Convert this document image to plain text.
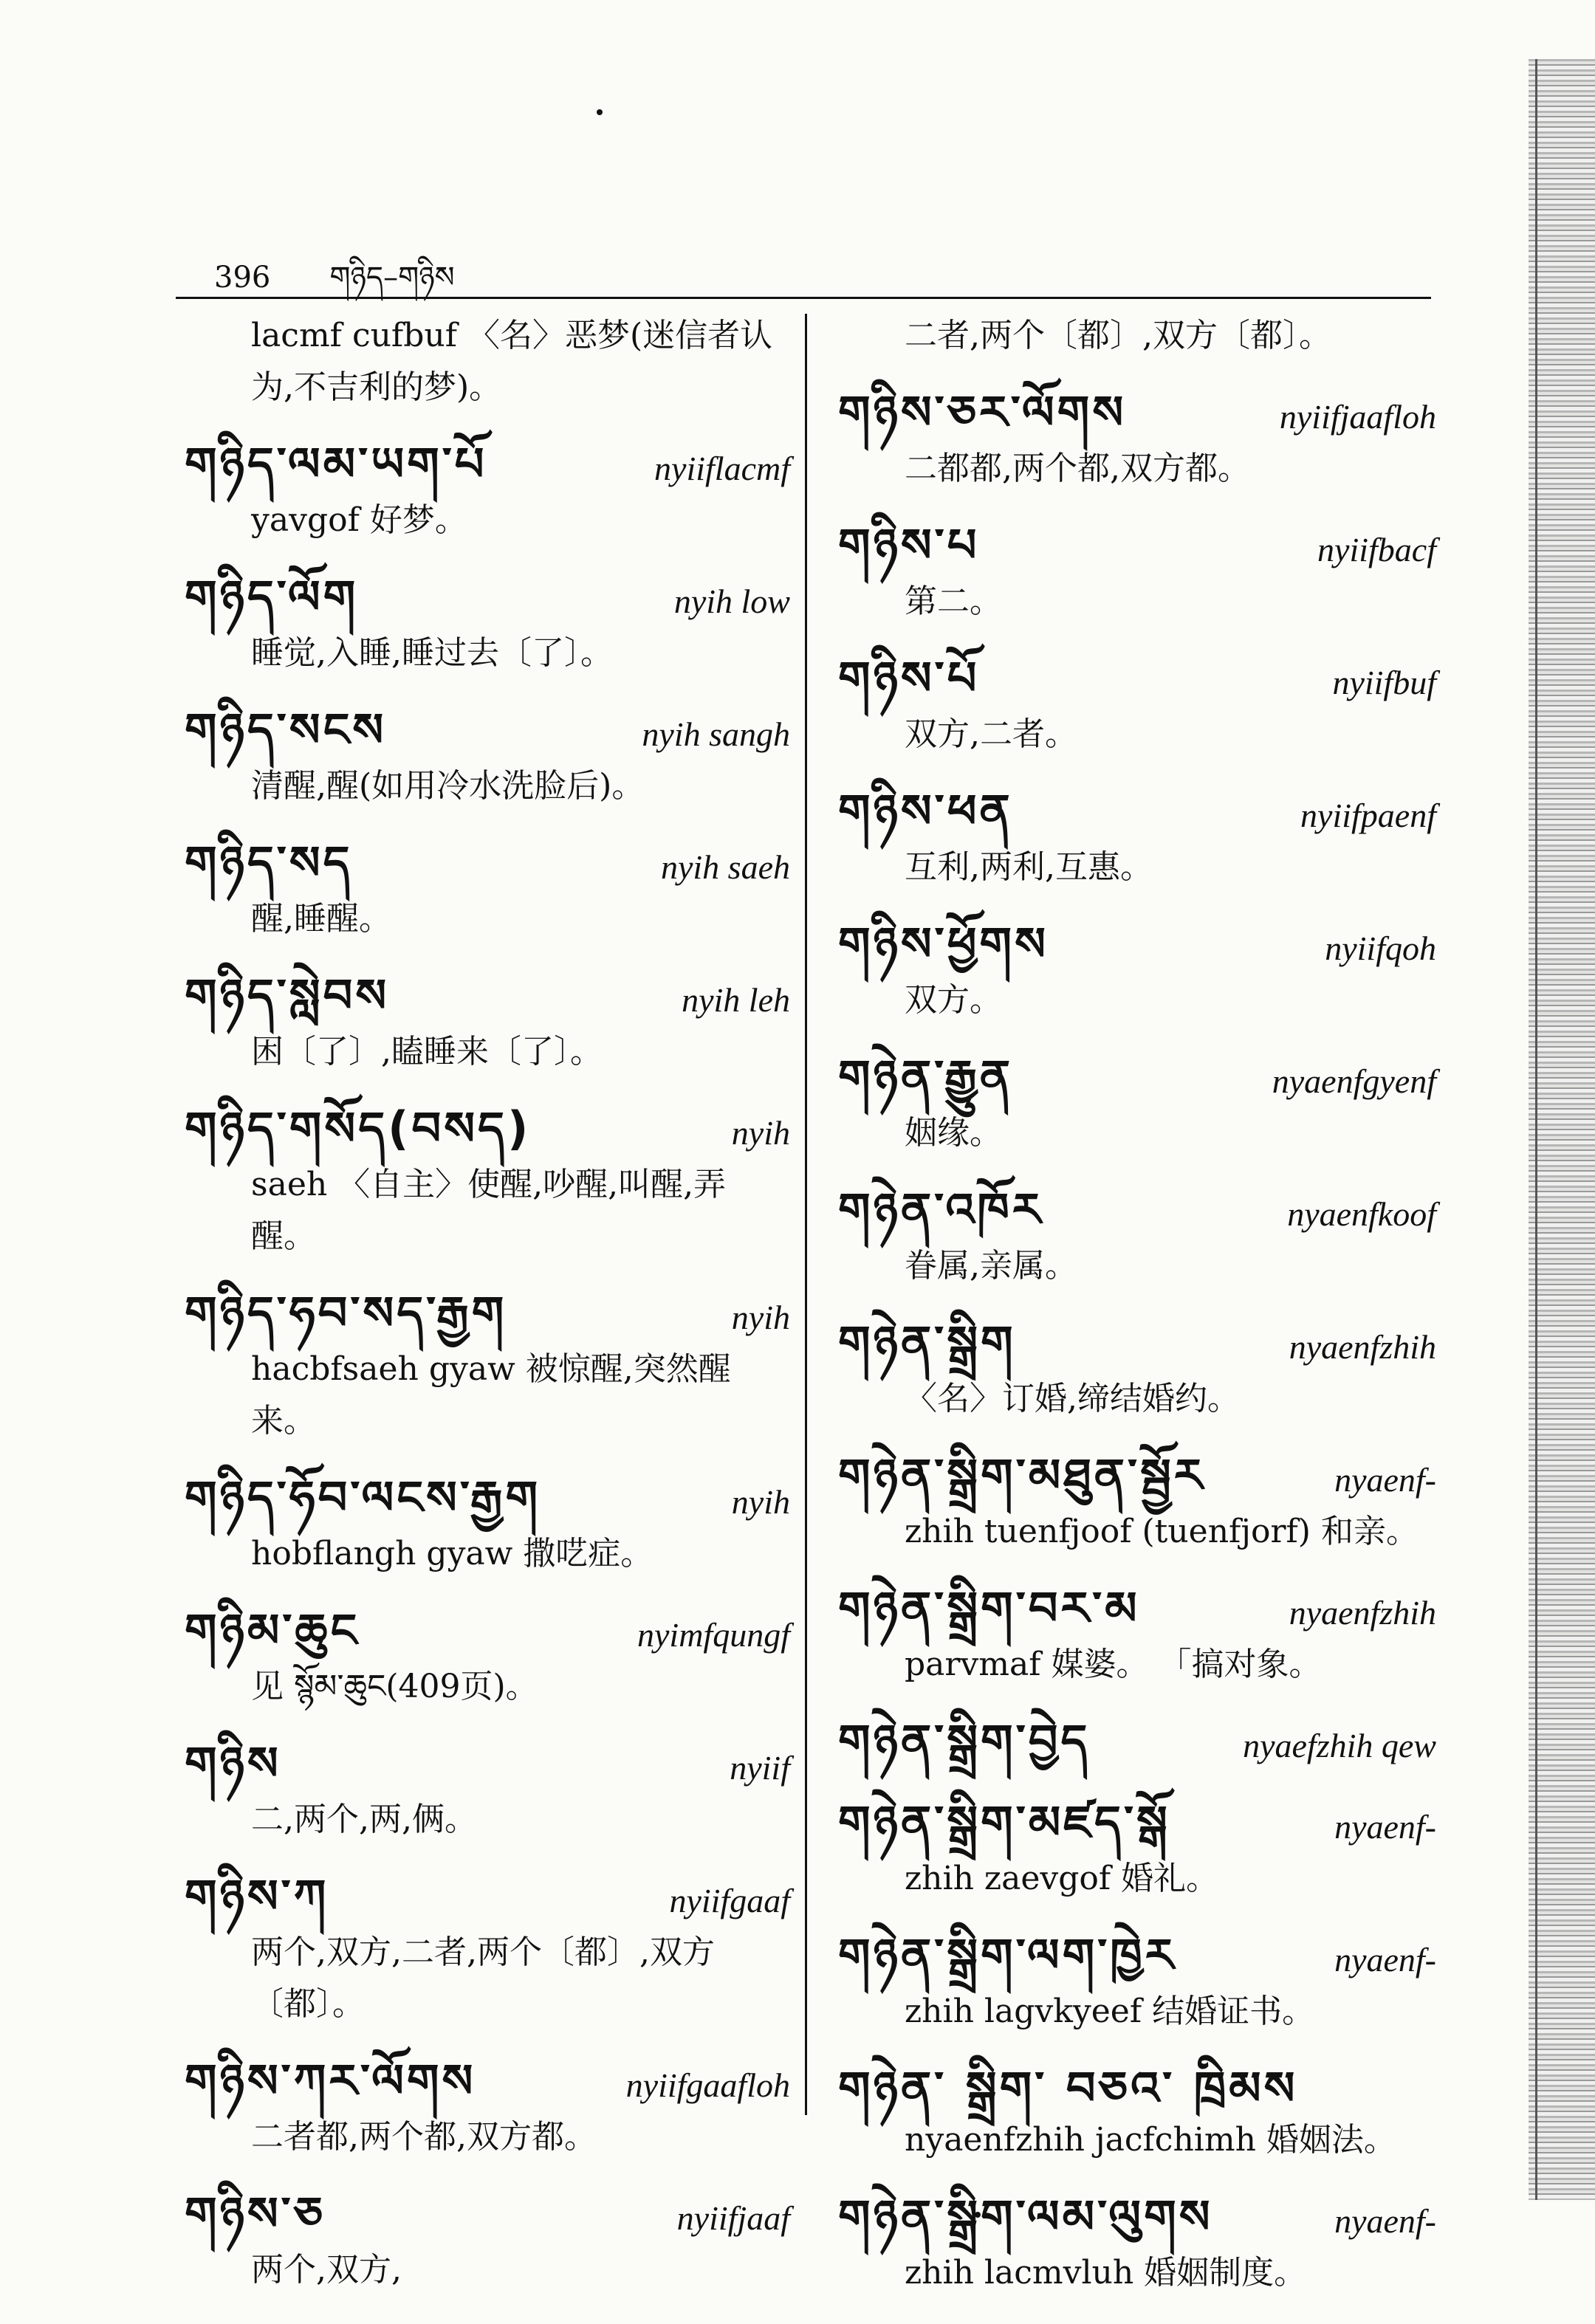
396 གཉིད–གཉིས
lacmf cufbuf 〈名〉恶梦(迷信者认为,不吉利的梦)。
གཉིད་ལམ་ཡག་པོ	nyiiflacmf
yavgof 好梦。
གཉིད་ལོག	nyih low
睡觉,入睡,睡过去〔了〕。
གཉིད་སངས	nyih sangh
清醒,醒(如用冷水洗脸后)。
གཉིད་སད	nyih saeh
醒,睡醒。
གཉིད་སླེབས	nyih leh
困〔了〕,瞌睡来〔了〕。
གཉིད་གསོད(བསད)	nyih
saeh 〈自主〉使醒,吵醒,叫醒,弄醒。
གཉིད་ཧབ་སད་རྒྱག	nyih
hacbfsaeh gyaw 被惊醒,突然醒来。
གཉིད་ཧོབ་ལངས་རྒྱག	nyih
hobflangh gyaw 撒呓症。
གཉིམ་ཆུང	nyimfqungf
见 སྙོམ་ཆུང(409页)。
གཉིས	nyiif
二,两个,两,俩。
གཉིས་ཀ	nyiifgaaf
两个,双方,二者,两个〔都〕,双方〔都〕。
གཉིས་ཀར་ལོགས	nyiifgaafloh
二者都,两个都,双方都。
གཉིས་ཅ	nyiifjaaf
两个,双方,
二者,两个〔都〕,双方〔都〕。
གཉིས་ཅར་ལོགས	nyiifjaafloh
二都都,两个都,双方都。
གཉིས་པ	nyiifbacf
第二。
གཉིས་པོ	nyiifbuf
双方,二者。
གཉིས་ཕན	nyiifpaenf
互利,两利,互惠。
གཉིས་ཕྱོགས	nyiifqoh
双方。
གཉེན་རྒྱུན	nyaenfgyenf
姻缘。
གཉེན་འཁོར	nyaenfkoof
眷属,亲属。
གཉེན་སྒྲིག	nyaenfzhih
〈名〉订婚,缔结婚约。
གཉེན་སྒྲིག་མཐུན་སྦྱོར	nyaenf-
zhih tuenfjoof (tuenfjorf) 和亲。
གཉེན་སྒྲིག་བར་མ	nyaenfzhih
parvmaf 媒婆。 「搞对象。
གཉེན་སྒྲིག་བྱེད	nyaefzhih qew
གཉེན་སྒྲིག་མཛད་སྒོ	nyaenf-
zhih zaevgof 婚礼。
གཉེན་སྒྲིག་ལག་ཁྱེར	nyaenf-
zhih lagvkyeef 结婚证书。
གཉེན་ སྒྲིག་ བཅའ་ ཁྲིམས
nyaenfzhih jacfchimh 婚姻法。
གཉེན་སྒྲིག་ལམ་ལུགས	nyaenf-
zhih lacmvluh 婚姻制度。
